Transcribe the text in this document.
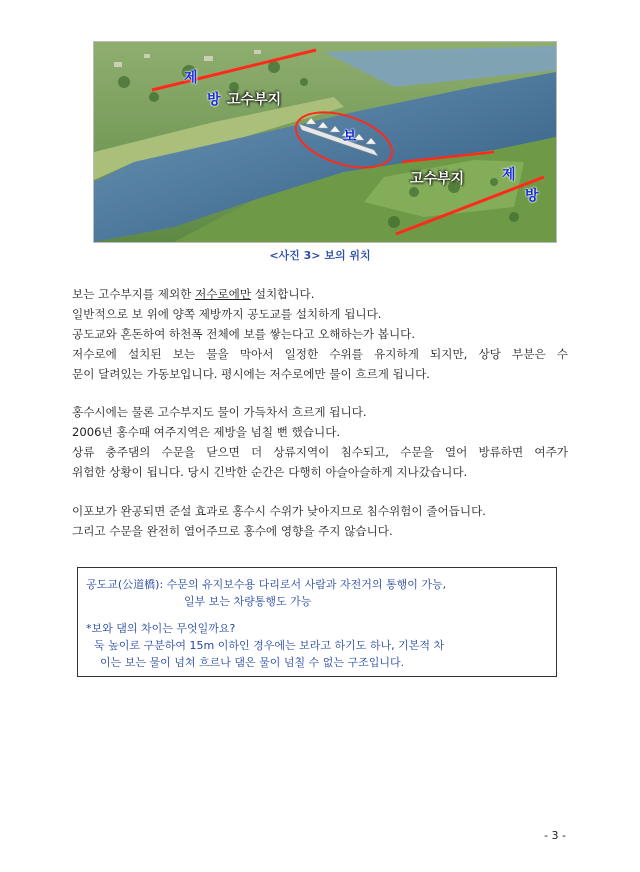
제
방 고수부지
보
고수부지	제
방
<사진 3> 보의 위치

보는 고수부지를 제외한 저수로에만 설치합니다.

일반적으로 보 위에 양쪽 제방까지 공도교를 설치하게 됩니다.

공도교와 혼돈하여 하천폭 전체에 보를 쌓는다고 오해하는가 봅니다.

저수로에 설치된 보는 물을 막아서 일정한 수위를 유지하게 되지만, 상당 부분은 수

문이 달려있는 가동보입니다. 평시에는 저수로에만 물이 흐르게 됩니다.

홍수시에는 물론 고수부지도 물이 가득차서 흐르게 됩니다.

2006년 홍수때 여주지역은 제방을 넘칠 뻔 했습니다.

상류 충주댐의 수문을 닫으면 더 상류지역이 침수되고, 수문을 열어 방류하면 여주가

위험한 상황이 됩니다. 당시 긴박한 순간은 다행히 아슬아슬하게 지나갔습니다.

이포보가 완공되면 준설 효과로 홍수시 수위가 낮아지므로 침수위험이 줄어듭니다.

그리고 수문을 완전히 열어주므로 홍수에 영향을 주지 않습니다.

공도교(公道橋): 수문의 유지보수용 다리로서 사람과 자전거의 통행이 가능,

일부 보는 차량통행도 가능

*보와 댐의 차이는 무엇일까요?

둑 높이로 구분하여 15m 이하인 경우에는 보라고 하기도 하나, 기본적 차

이는 보는 물이 넘쳐 흐르나 댐은 물이 넘칠 수 없는 구조입니다.

- 3 -
